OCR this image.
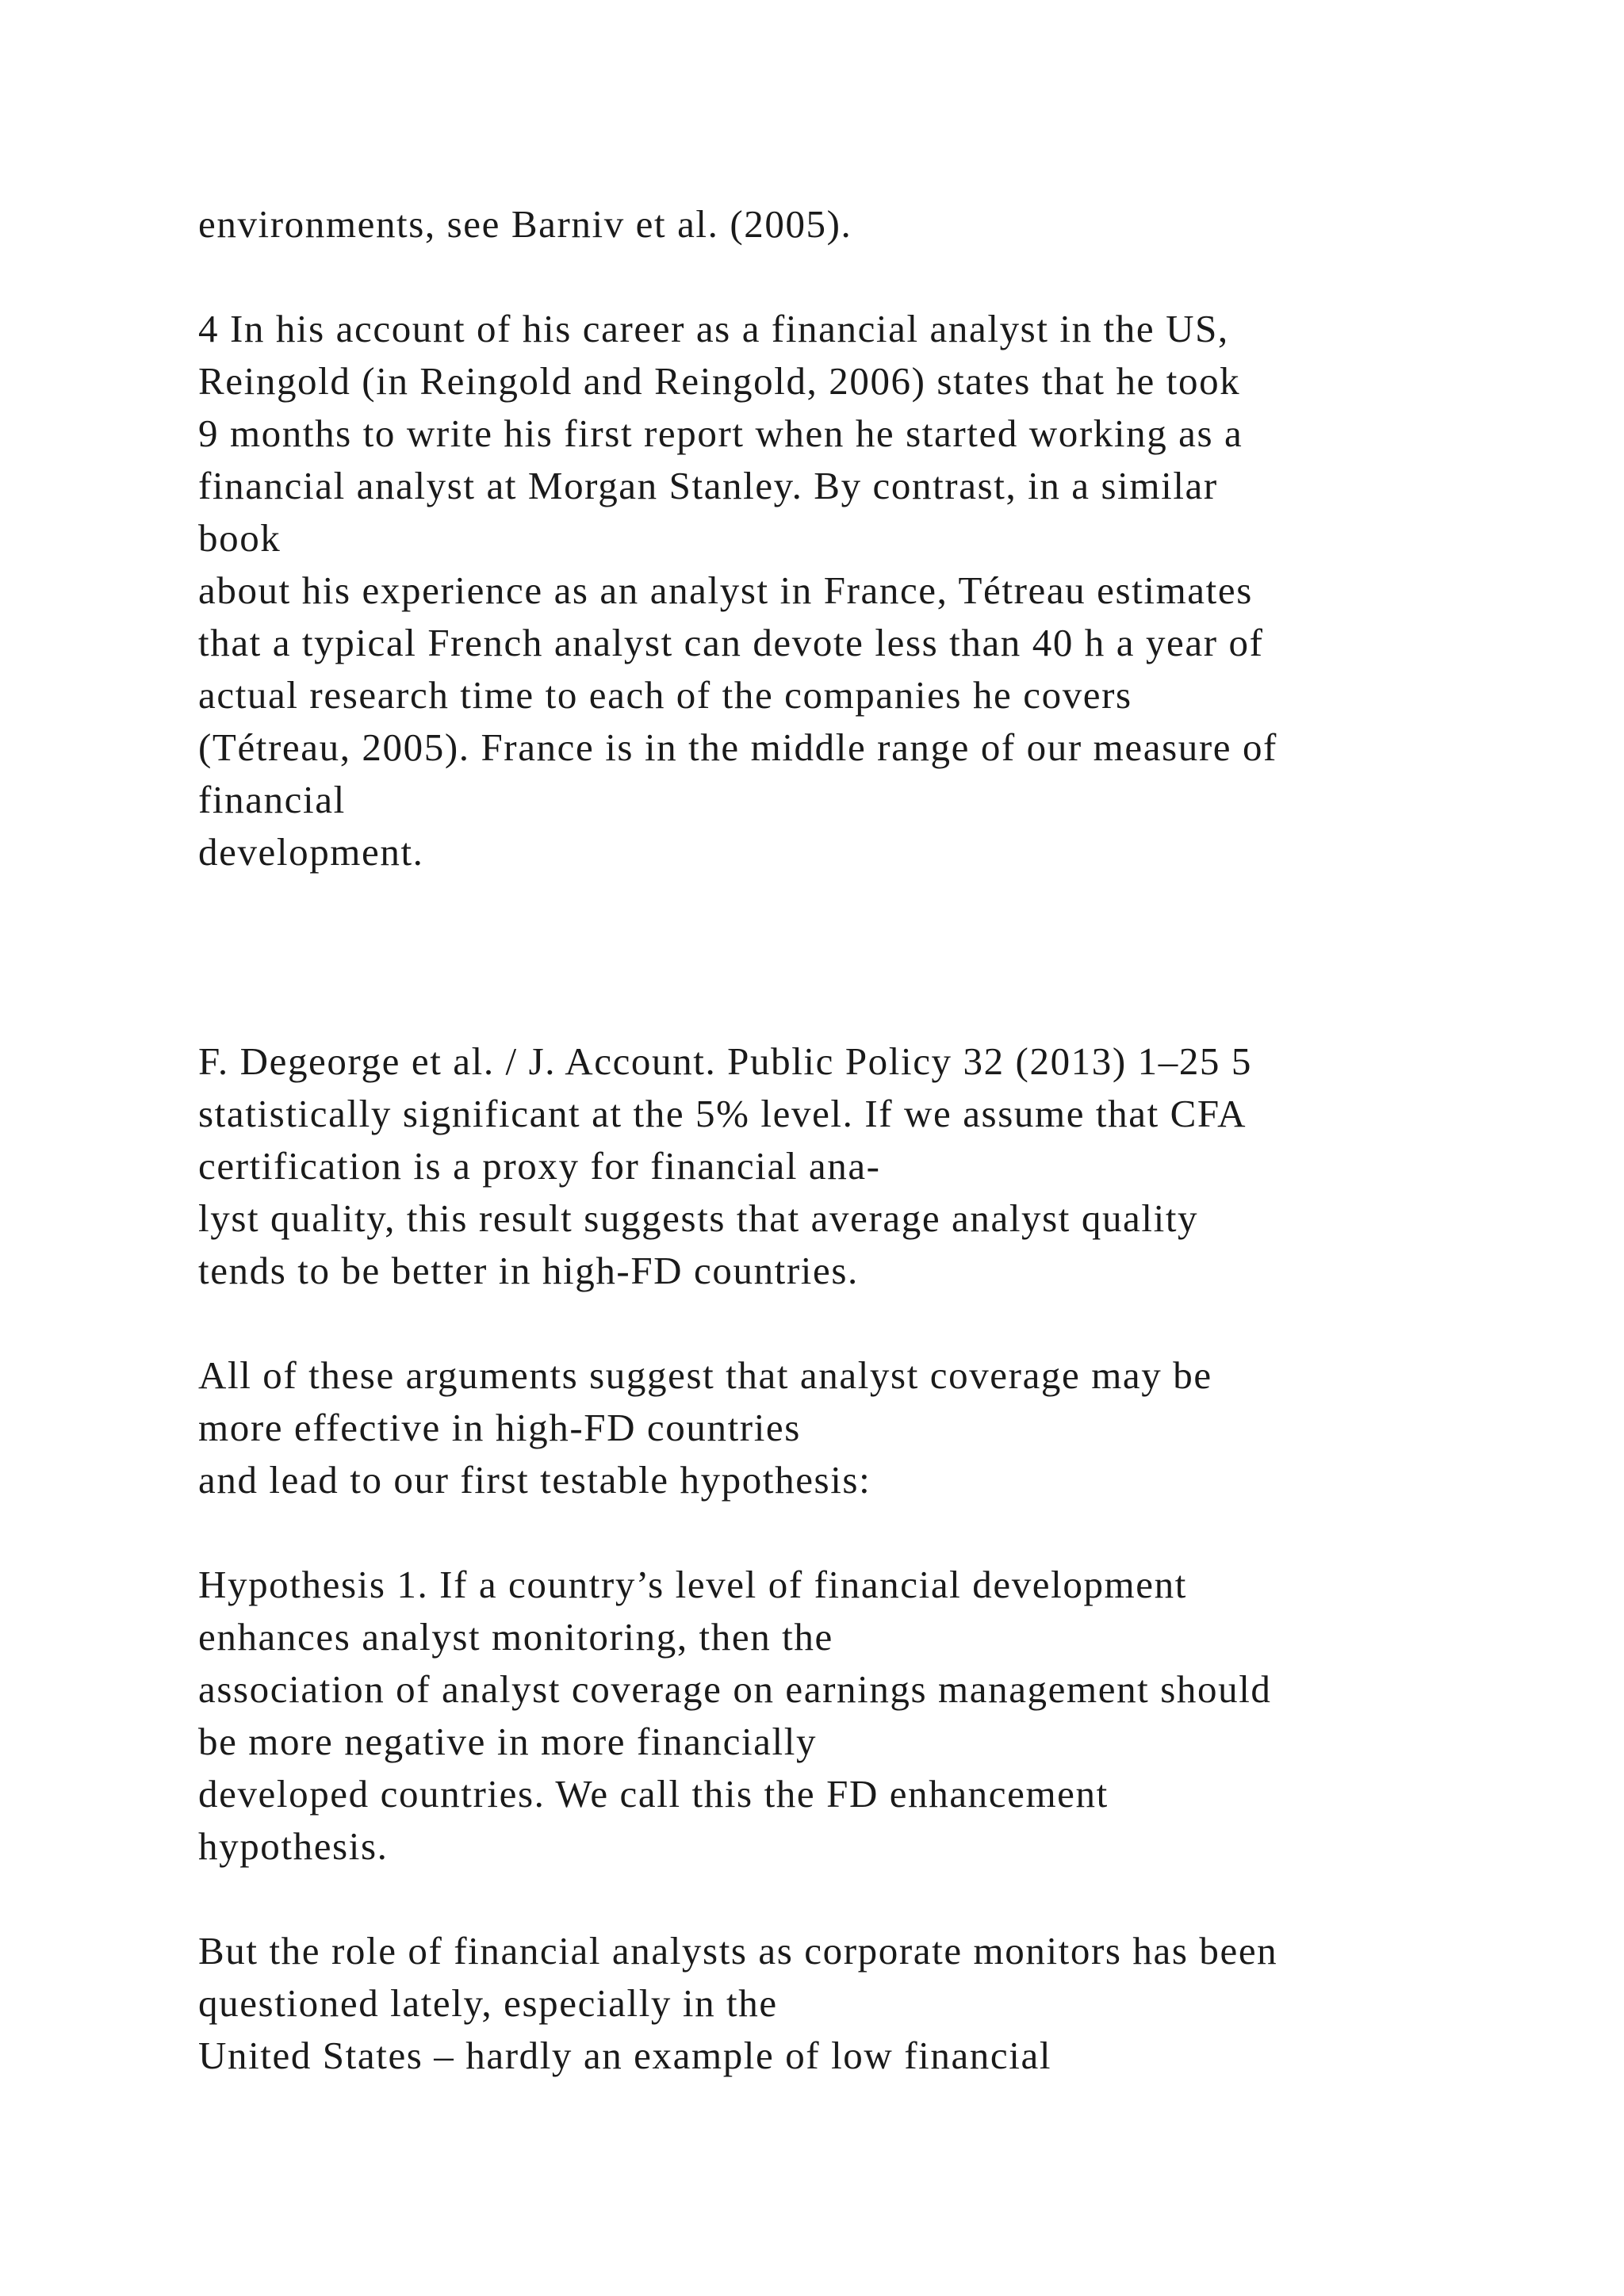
environments, see Barniv et al. (2005).

4 In his account of his career as a financial analyst in the US,

Reingold (in Reingold and Reingold, 2006) states that he took

9 months to write his first report when he started working as a

financial analyst at Morgan Stanley. By contrast, in a similar

book

about his experience as an analyst in France, Tétreau estimates

that a typical French analyst can devote less than 40 h a year of

actual research time to each of the companies he covers

(Tétreau, 2005). France is in the middle range of our measure of

financial

development.

F. Degeorge et al. / J. Account. Public Policy 32 (2013) 1–25 5

statistically significant at the 5% level. If we assume that CFA

certification is a proxy for financial ana-

lyst quality, this result suggests that average analyst quality

tends to be better in high-FD countries.

All of these arguments suggest that analyst coverage may be

more effective in high-FD countries

and lead to our first testable hypothesis:

Hypothesis 1. If a country’s level of financial development

enhances analyst monitoring, then the

association of analyst coverage on earnings management should

be more negative in more financially

developed countries. We call this the FD enhancement

hypothesis.

But the role of financial analysts as corporate monitors has been

questioned lately, especially in the

United States – hardly an example of low financial
